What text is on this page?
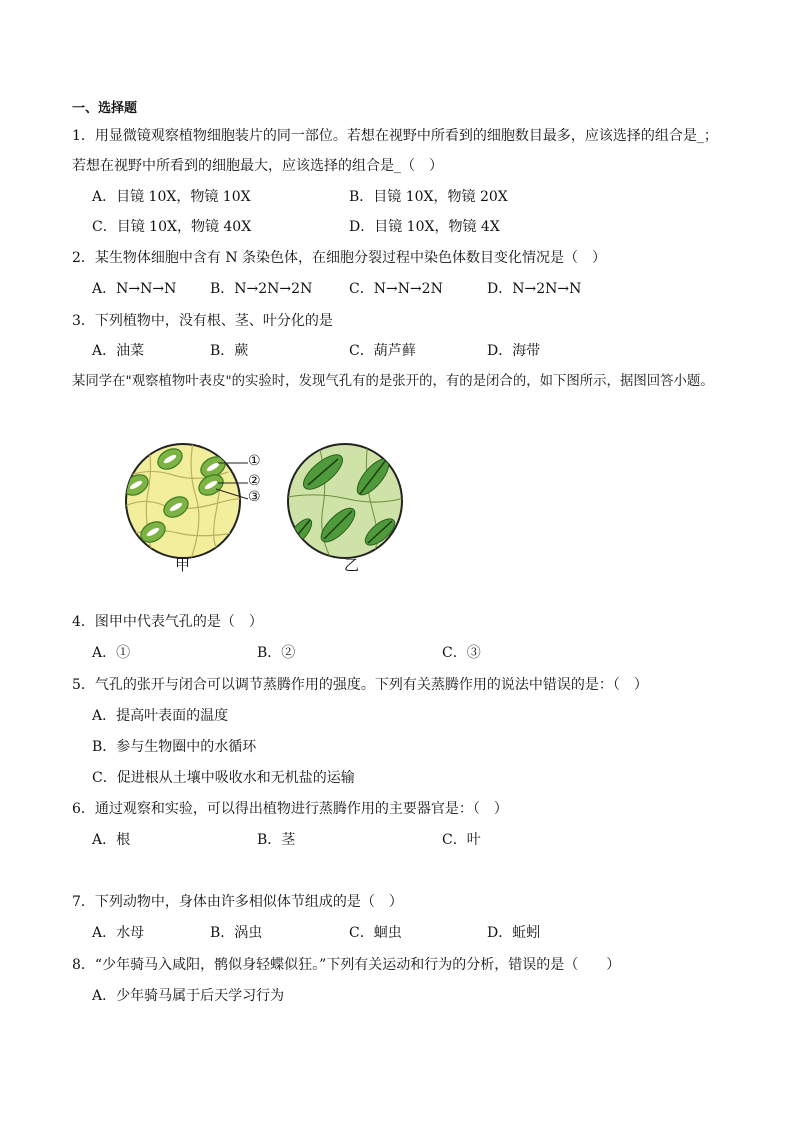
一、选择题
1．用显微镜观察植物细胞装片的同一部位。若想在视野中所看到的细胞数目最多，应该选择的组合是_；
若想在视野中所看到的细胞最大，应该选择的组合是_（　）
A．目镜 10X，物镜 10X	B．目镜 10X，物镜 20X
C．目镜 10X，物镜 40X	D．目镜 10X，物镜 4X
2．某生物体细胞中含有 N 条染色体，在细胞分裂过程中染色体数目变化情况是（　）
A．N→N→N B．N→2N→2N	C．N→N→2N	D．N→2N→N
3．下列植物中，没有根、茎、叶分化的是
A．油菜	B．蕨	C．葫芦藓	D．海带
某同学在"观察植物叶表皮"的实验时，发现气孔有的是张开的，有的是闭合的，如下图所示，据图回答小题。
①
②
③
甲	乙
4．图甲中代表气孔的是（　）
A．①	B．②	C．③
5．气孔的张开与闭合可以调节蒸腾作用的强度。下列有关蒸腾作用的说法中错误的是：（　）
A．提高叶表面的温度
B．参与生物圈中的水循环
C．促进根从土壤中吸收水和无机盐的运输
6．通过观察和实验，可以得出植物进行蒸腾作用的主要器官是：（　）
A．根	B．茎	C．叶
7．下列动物中，身体由许多相似体节组成的是（　）
A．水母	B．涡虫	C．蛔虫	D．蚯蚓
8．“少年骑马入咸阳，鹘似身轻蝶似狂。”下列有关运动和行为的分析，错误的是（　　）
A．少年骑马属于后天学习行为
